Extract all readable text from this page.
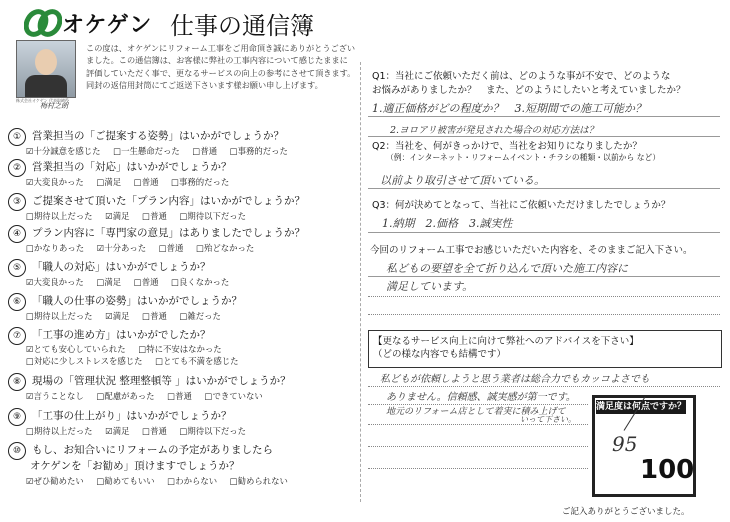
オケゲン 仕事の通信簿
株式会社オケゲン 代表取締役
梅村之朗
この度は、オケゲンにリフォーム工事をご用命頂き誠にありがとうございました。この通信簿は、お客様に弊社の工事内容について感じたままに評価していただく事で、更なるサービスの向上の参考にさせて頂きます。同封の返信用封筒にてご返送下さいます様お願い申し上げます。
① 営業担当の「ご提案する姿勢」はいかがでしょうか？
☑十分誠意を感じた □一生懸命だった □普通 □事務的だった
② 営業担当の「対応」はいかがでしょうか？
☑大変良かった □満足 □普通 □事務的だった
③ ご提案させて頂いた「プラン内容」はいかがでしょうか？
□期待以上だった ☑満足 □普通 □期待以下だった
④ プラン内容に「専門家の意見」はありましたでしょうか？
□かなりあった ☑十分あった □普通 □殆どなかった
⑤ 「職人の対応」はいかがでしょうか？
☑大変良かった □満足 □普通 □良くなかった
⑥ 「職人の仕事の姿勢」はいかがでしょうか？
□期待以上だった ☑満足 □普通 □雑だった
⑦ 「工事の進め方」はいかがでしたか？
☑とても安心していられた □特に不安はなかった
□対応に少しストレスを感じた □とても不満を感じた
⑧ 現場の「管理状況 整理整頓等 」はいかがでしょうか？
☑言うことなし □配慮があった □普通 □できていない
⑨ 「工事の仕上がり」はいかがでしょうか？
□期待以上だった ☑満足 □普通 □期待以下だった
⑩ もし、お知合いにリフォームの予定がありましたら
オケゲンを「お勧め」頂けますでしょうか？
☑ぜひ勧めたい □勧めてもいい □わからない □勧められない
Q1：当社にご依頼いただく前は、どのような事が不安で、どのような
お悩みがありましたか？　また、どのようにしたいと考えていましたか？
1.適正価格がどの程度か？　3.短期間での施工可能か？
2.ヨロアリ被害が発見された場合の対応方法は？
Q2：当社を、何がきっかけで、当社をお知りになりましたか？
（例：インターネット・リフォームイベント・チラシの種類・以前から など）
以前より取引させて頂いている。
Q3：何が決めてとなって、当社にご依頼いただけましたでしょうか？
1.納期　2.価格　3.誠実性
今回のリフォーム工事でお感じいただいた内容を、そのままご記入下さい。
私どもの要望を全て折り込んで頂いた施工内容に
満足しています。
【更なるサービス向上に向けて弊社へのアドバイスを下さい】
（どの様な内容でも結構です）
私どもが依頼しようと思う業者は総合力でもカッコよさでも
ありません。信頼感、誠実感が第一です。
地元のリフォーム店として着実に積み上げて
いって下さい。
満足度は何点ですか？
95
100
ご記入ありがとうございました。
